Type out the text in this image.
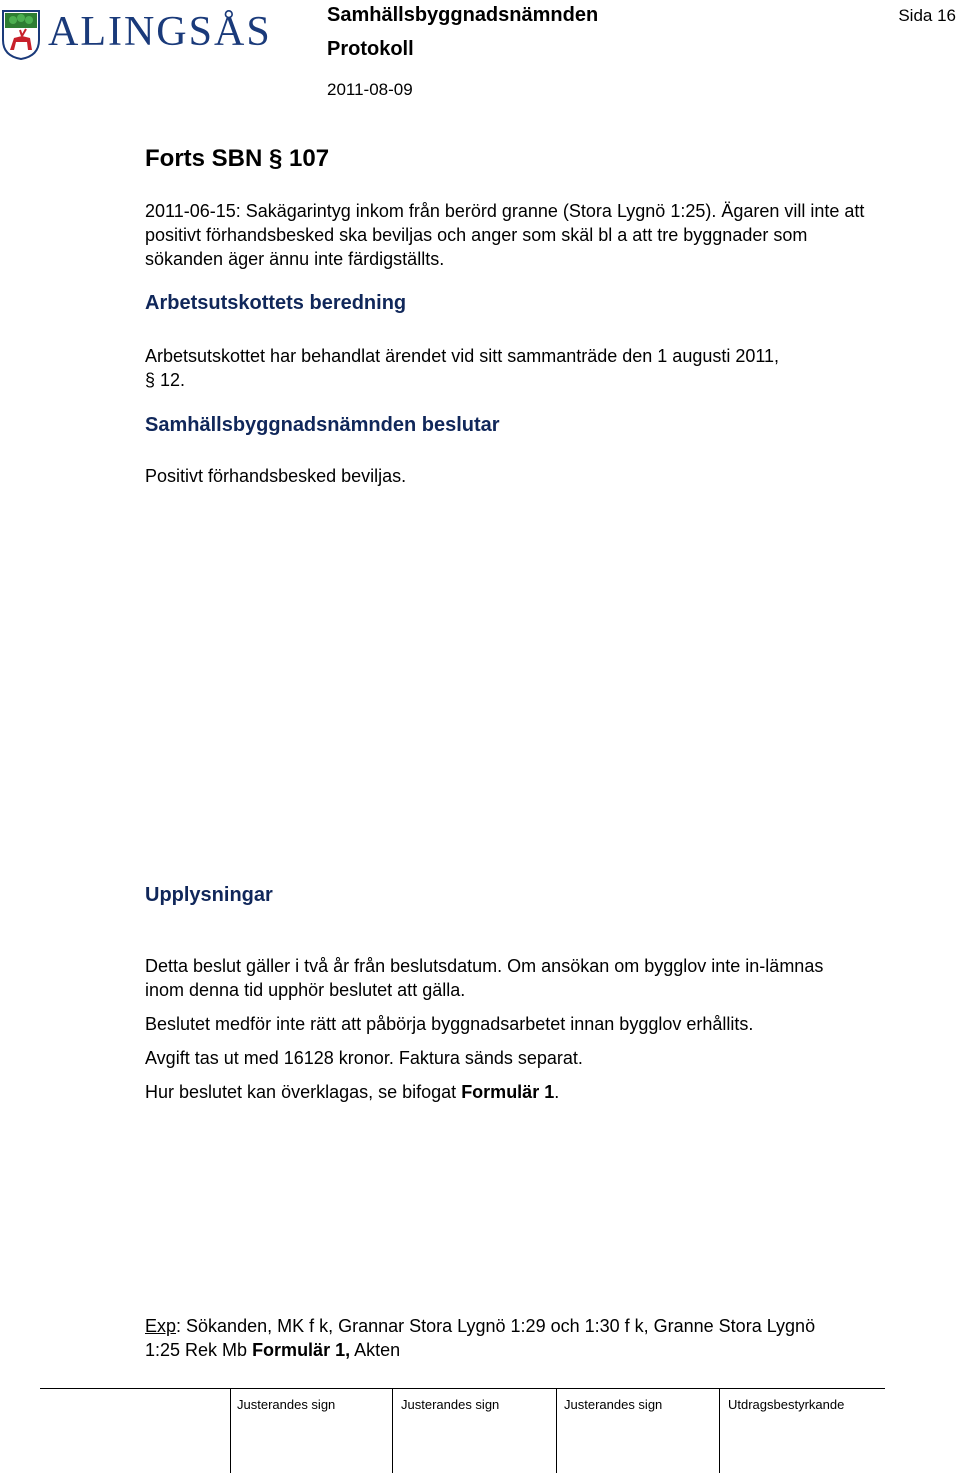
ALINGSÅS	Samhällsbyggnadsnämnden
Protokoll
2011-08-09
Sida 16
Forts SBN § 107
2011-06-15: Sakägarintyg inkom från berörd granne (Stora Lygnö 1:25). Ägaren vill inte att positivt förhandsbesked ska beviljas och anger som skäl bl a att tre byggnader som sökanden äger ännu inte färdigställts.
Arbetsutskottets beredning
Arbetsutskottet har behandlat ärendet vid sitt sammanträde den 1 augusti 2011,
§ 12.
Samhällsbyggnadsnämnden beslutar
Positivt förhandsbesked beviljas.
Upplysningar
Detta beslut gäller i två år från beslutsdatum. Om ansökan om bygglov inte in-lämnas inom denna tid upphör beslutet att gälla.
Beslutet medför inte rätt att påbörja byggnadsarbetet innan bygglov erhållits.
Avgift tas ut med 16128 kronor. Faktura sänds separat.
Hur beslutet kan överklagas, se bifogat Formulär 1.
Exp: Sökanden, MK f k, Grannar Stora Lygnö 1:29 och 1:30 f k, Granne Stora Lygnö 1:25 Rek Mb Formulär 1, Akten
Justerandes sign	Justerandes sign	Justerandes sign	Utdragsbestyrkande
